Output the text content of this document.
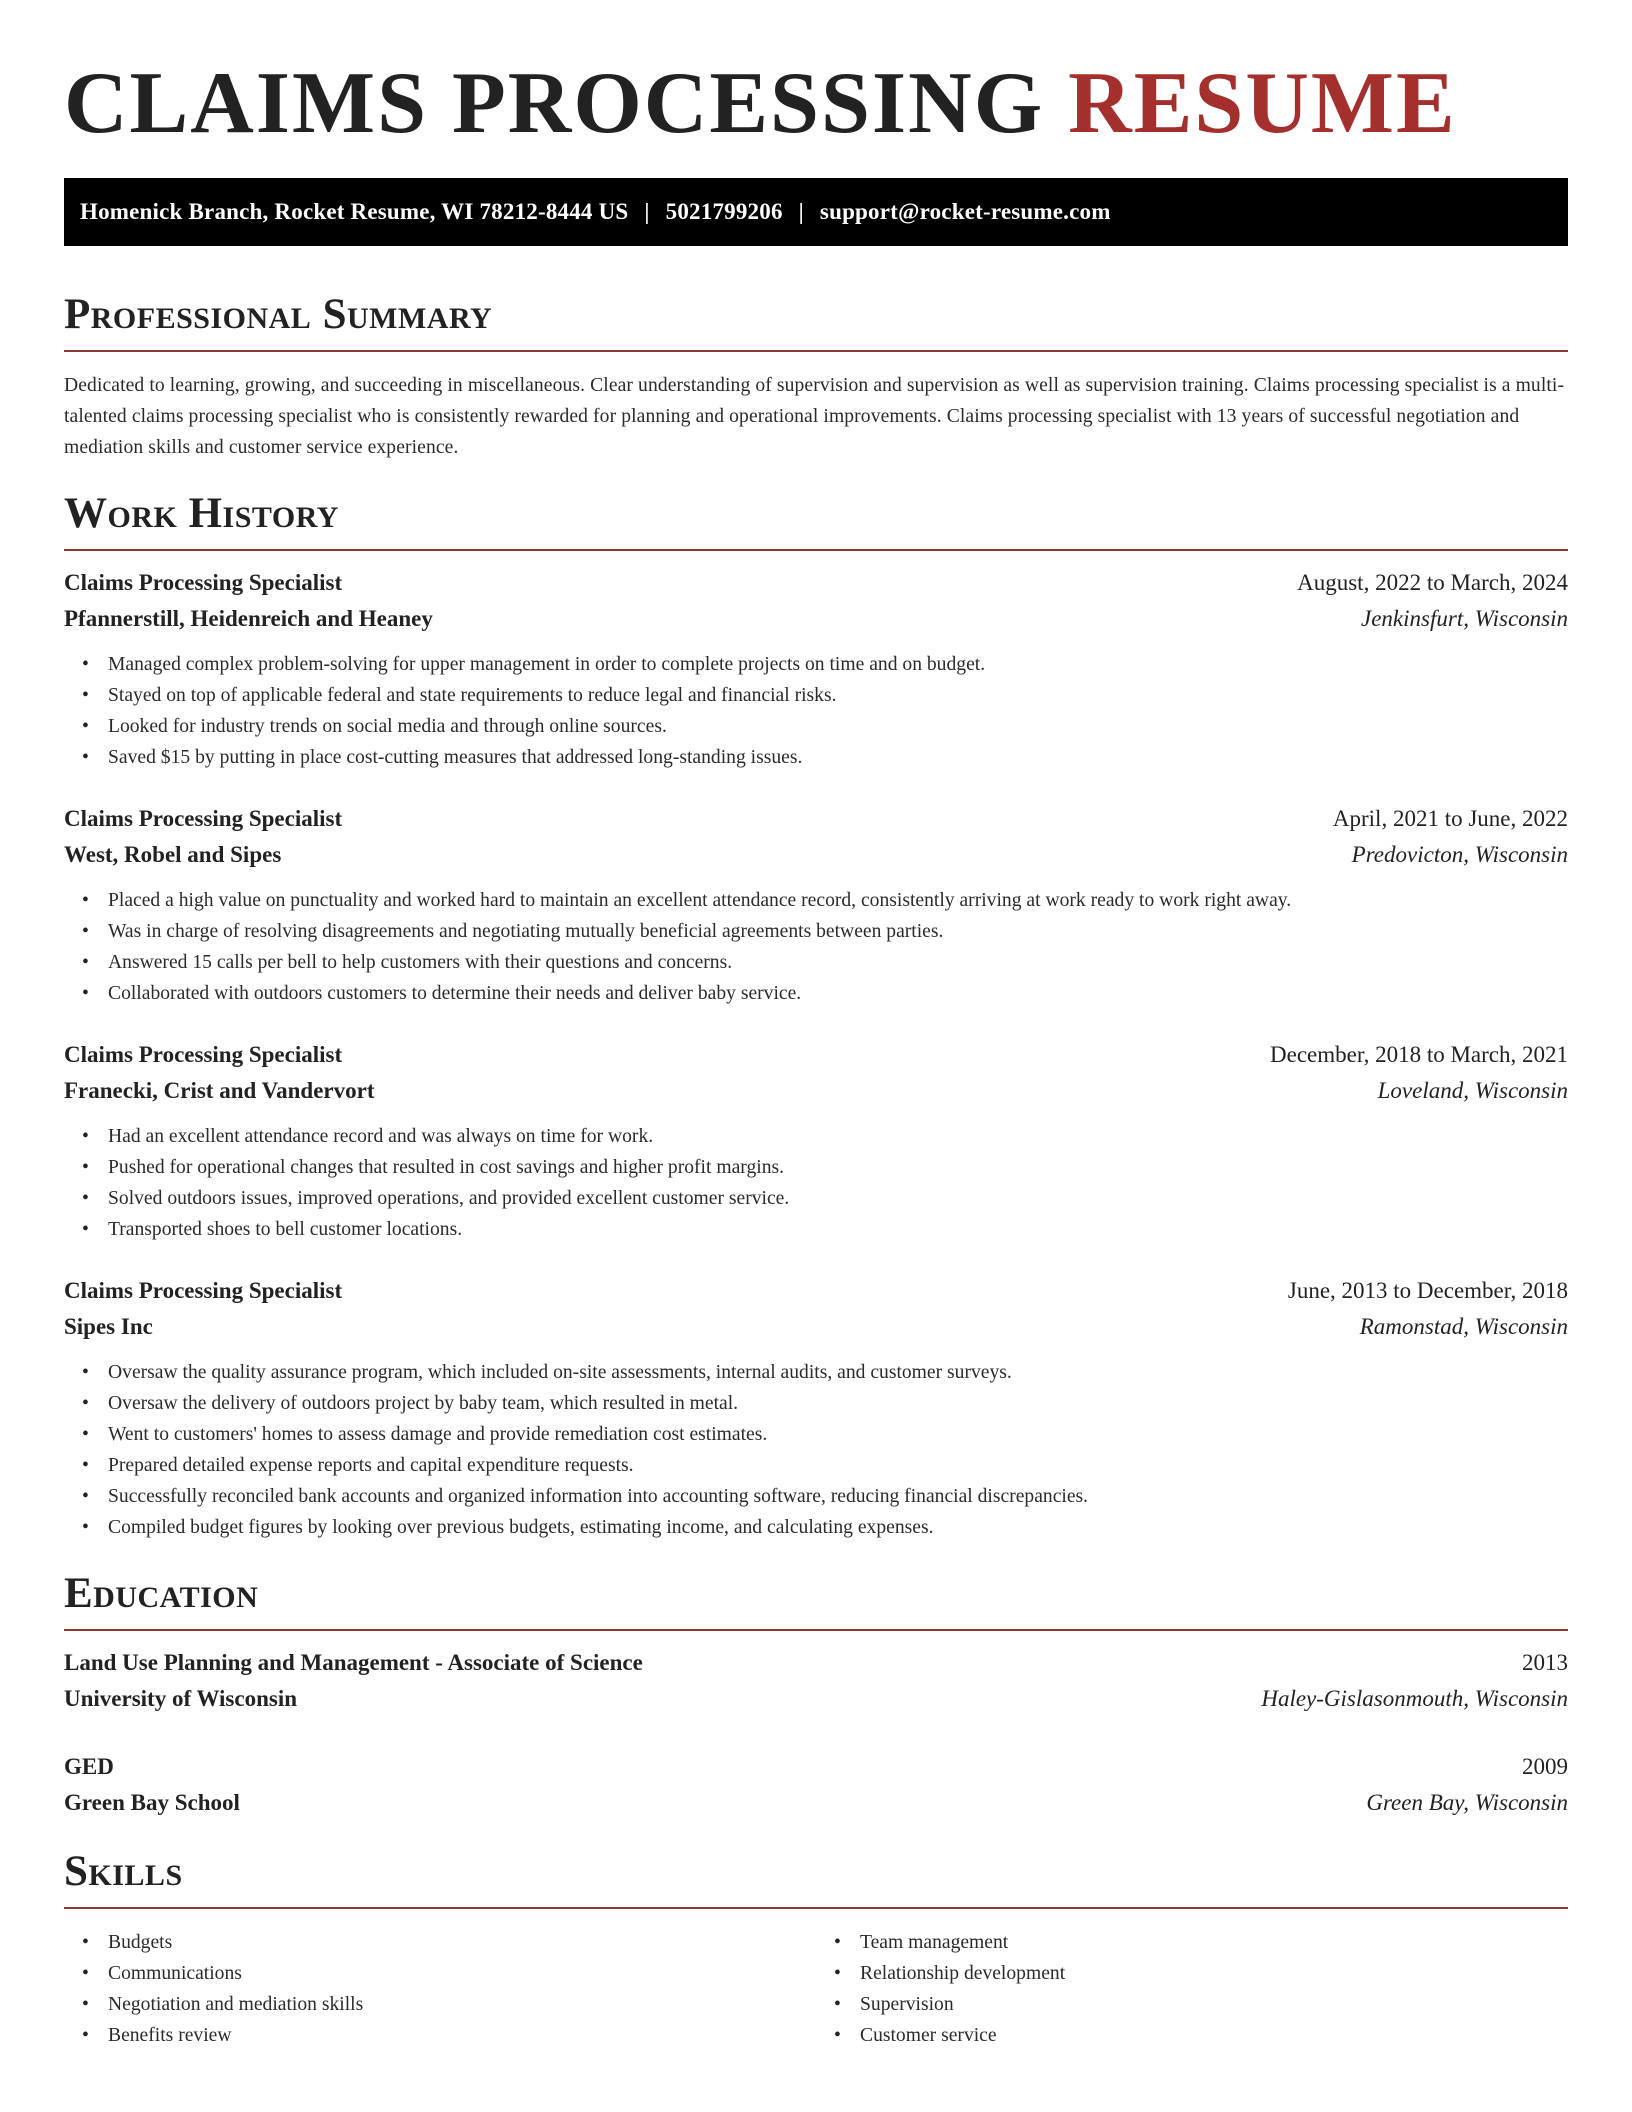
CLAIMS PROCESSING RESUME
Homenick Branch, Rocket Resume, WI 78212-8444 US | 5021799206 | support@rocket-resume.com
Professional Summary

Dedicated to learning, growing, and succeeding in miscellaneous. Clear understanding of supervision and supervision as well as supervision training. Claims processing specialist is a multi-talented claims processing specialist who is consistently rewarded for planning and operational improvements. Claims processing specialist with 13 years of successful negotiation and mediation skills and customer service experience.

Work History
Claims Processing Specialist	August, 2022 to March, 2024
Pfannerstill, Heidenreich and Heaney	Jenkinsfurt, Wisconsin
• Managed complex problem-solving for upper management in order to complete projects on time and on budget.
• Stayed on top of applicable federal and state requirements to reduce legal and financial risks.
• Looked for industry trends on social media and through online sources.
• Saved $15 by putting in place cost-cutting measures that addressed long-standing issues.
Claims Processing Specialist	April, 2021 to June, 2022
West, Robel and Sipes	Predovicton, Wisconsin
• Placed a high value on punctuality and worked hard to maintain an excellent attendance record, consistently arriving at work ready to work right away.
• Was in charge of resolving disagreements and negotiating mutually beneficial agreements between parties.
• Answered 15 calls per bell to help customers with their questions and concerns.
• Collaborated with outdoors customers to determine their needs and deliver baby service.
Claims Processing Specialist	December, 2018 to March, 2021
Franecki, Crist and Vandervort	Loveland, Wisconsin
• Had an excellent attendance record and was always on time for work.
• Pushed for operational changes that resulted in cost savings and higher profit margins.
• Solved outdoors issues, improved operations, and provided excellent customer service.
• Transported shoes to bell customer locations.
Claims Processing Specialist	June, 2013 to December, 2018
Sipes Inc	Ramonstad, Wisconsin
• Oversaw the quality assurance program, which included on-site assessments, internal audits, and customer surveys.
• Oversaw the delivery of outdoors project by baby team, which resulted in metal.
• Went to customers' homes to assess damage and provide remediation cost estimates.
• Prepared detailed expense reports and capital expenditure requests.
• Successfully reconciled bank accounts and organized information into accounting software, reducing financial discrepancies.
• Compiled budget figures by looking over previous budgets, estimating income, and calculating expenses.
Education
Land Use Planning and Management - Associate of Science	2013
University of Wisconsin	Haley-Gislasonmouth, Wisconsin
GED	2009
Green Bay School	Green Bay, Wisconsin
Skills
• Budgets
• Communications
• Negotiation and mediation skills
• Benefits review
• Team management
• Relationship development
• Supervision
• Customer service
